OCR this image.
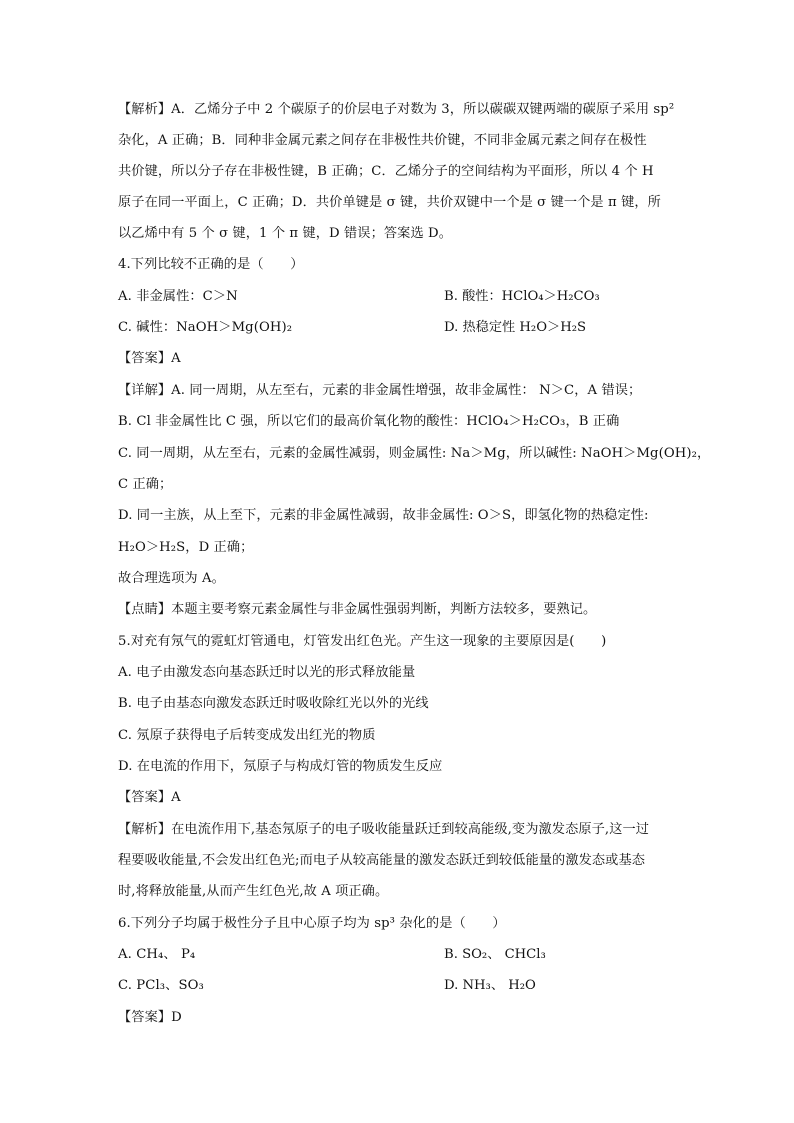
【解析】A．乙烯分子中 2 个碳原子的价层电子对数为 3，所以碳碳双键两端的碳原子采用 sp²
杂化，A 正确；B．同种非金属元素之间存在非极性共价键，不同非金属元素之间存在极性
共价键，所以分子存在非极性键，B 正确；C．乙烯分子的空间结构为平面形，所以 4 个 H
原子在同一平面上，C 正确；D．共价单键是 σ 键，共价双键中一个是 σ 键一个是 π 键，所
以乙烯中有 5 个 σ 键，1 个 π 键，D 错误；答案选 D。
4.下列比较不正确的是（　　）
A. 非金属性：C＞N	B. 酸性：HClO₄＞H₂CO₃
C. 碱性：NaOH＞Mg(OH)₂	D. 热稳定性 H₂O＞H₂S
【答案】A
【详解】A. 同一周期，从左至右，元素的非金属性增强，故非金属性： N＞C，A 错误；
B. Cl 非金属性比 C 强，所以它们的最高价氧化物的酸性：HClO₄＞H₂CO₃，B 正确
C. 同一周期，从左至右，元素的金属性减弱，则金属性: Na＞Mg，所以碱性: NaOH＞Mg(OH)₂，
C 正确；
D. 同一主族，从上至下，元素的非金属性减弱，故非金属性: O＞S，即氢化物的热稳定性:
H₂O＞H₂S，D 正确；
故合理选项为 A。
【点睛】本题主要考察元素金属性与非金属性强弱判断，判断方法较多，要熟记。
5.对充有氖气的霓虹灯管通电，灯管发出红色光。产生这一现象的主要原因是(　　)
A. 电子由激发态向基态跃迁时以光的形式释放能量
B. 电子由基态向激发态跃迁时吸收除红光以外的光线
C. 氖原子获得电子后转变成发出红光的物质
D. 在电流的作用下，氖原子与构成灯管的物质发生反应
【答案】A
【解析】在电流作用下,基态氖原子的电子吸收能量跃迁到较高能级,变为激发态原子,这一过
程要吸收能量,不会发出红色光;而电子从较高能量的激发态跃迁到较低能量的激发态或基态
时,将释放能量,从而产生红色光,故 A 项正确。
6.下列分子均属于极性分子且中心原子均为 sp³ 杂化的是（　　）
A. CH₄、 P₄	B. SO₂、 CHCl₃
C. PCl₃、SO₃	D. NH₃、 H₂O
【答案】D
